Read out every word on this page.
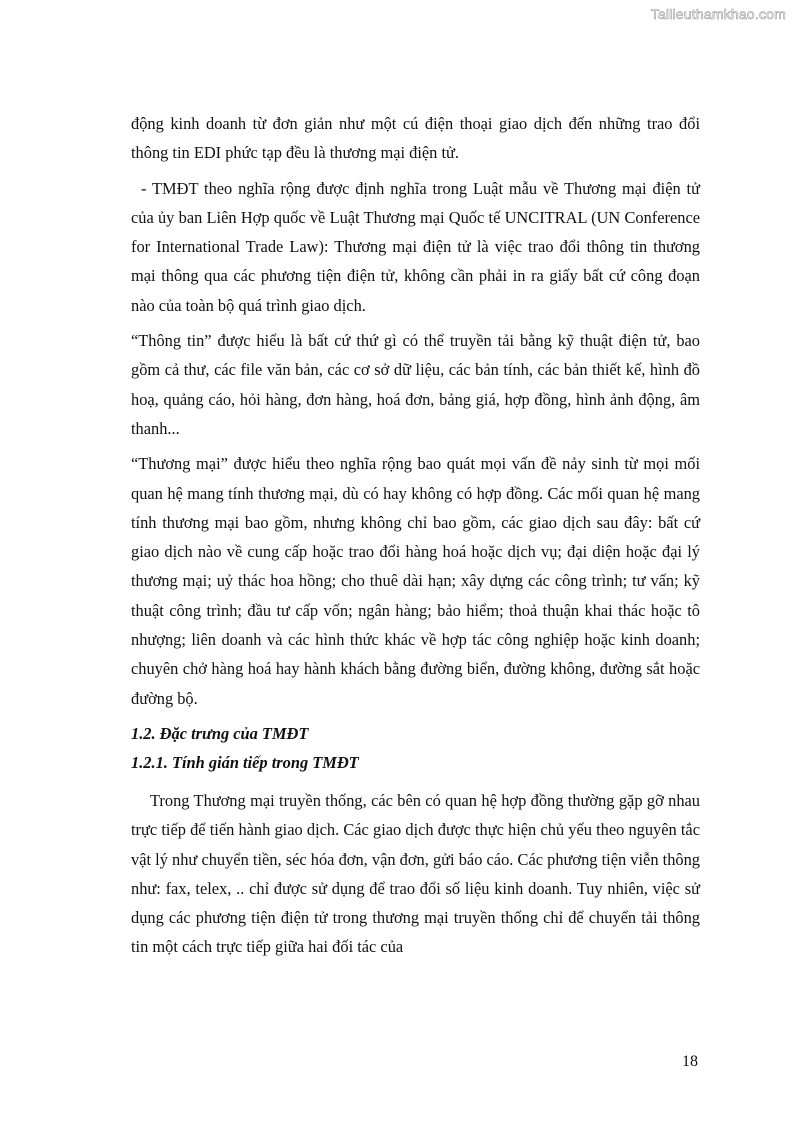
Tailieuthamkhao.com

động kinh doanh từ đơn giản như một cú điện thoại giao dịch đến những trao đổi thông tin EDI phức tạp đều là thương mại điện tử.

- TMĐT theo nghĩa rộng được định nghĩa trong Luật mẫu về Thương mại điện tử của ủy ban Liên Hợp quốc về Luật Thương mại Quốc tế UNCITRAL (UN Conference for International Trade Law): Thương mại điện tử là việc trao đổi thông tin thương mại thông qua các phương tiện điện tử, không cần phải in ra giấy bất cứ công đoạn nào của toàn bộ quá trình giao dịch.

“Thông tin” được hiểu là bất cứ thứ gì có thể truyền tải bằng kỹ thuật điện tử, bao gồm cả thư, các file văn bản, các cơ sở dữ liệu, các bản tính, các bản thiết kế, hình đồ hoạ, quảng cáo, hỏi hàng, đơn hàng, hoá đơn, bảng giá, hợp đồng, hình ảnh động, âm thanh...

“Thương mại” được hiểu theo nghĩa rộng bao quát mọi vấn đề nảy sinh từ mọi mối quan hệ mang tính thương mại, dù có hay không có hợp đồng. Các mối quan hệ mang tính thương mại bao gồm, nhưng không chỉ bao gồm, các giao dịch sau đây: bất cứ giao dịch nào về cung cấp hoặc trao đổi hàng hoá hoặc dịch vụ; đại diện hoặc đại lý thương mại; uỷ thác hoa hồng; cho thuê dài hạn; xây dựng các công trình; tư vấn; kỹ thuật công trình; đầu tư cấp vốn; ngân hàng; bảo hiểm; thoả thuận khai thác hoặc tô nhượng; liên doanh và các hình thức khác về hợp tác công nghiệp hoặc kinh doanh; chuyên chở hàng hoá hay hành khách bằng đường biển, đường không, đường sắt hoặc đường bộ.

1.2. Đặc trưng của TMĐT
1.2.1. Tính gián tiếp trong TMĐT

Trong Thương mại truyền thống, các bên có quan hệ hợp đồng thường gặp gỡ nhau trực tiếp để tiến hành giao dịch. Các giao dịch được thực hiện chủ yếu theo nguyên tắc vật lý như chuyển tiền, séc hóa đơn, vận đơn, gửi báo cáo. Các phương tiện viễn thông như: fax, telex, .. chỉ được sử dụng để trao đổi số liệu kinh doanh. Tuy nhiên, việc sử dụng các phương tiện điện tử trong thương mại truyền thống chỉ để chuyển tải thông tin một cách trực tiếp giữa hai đối tác của

18
